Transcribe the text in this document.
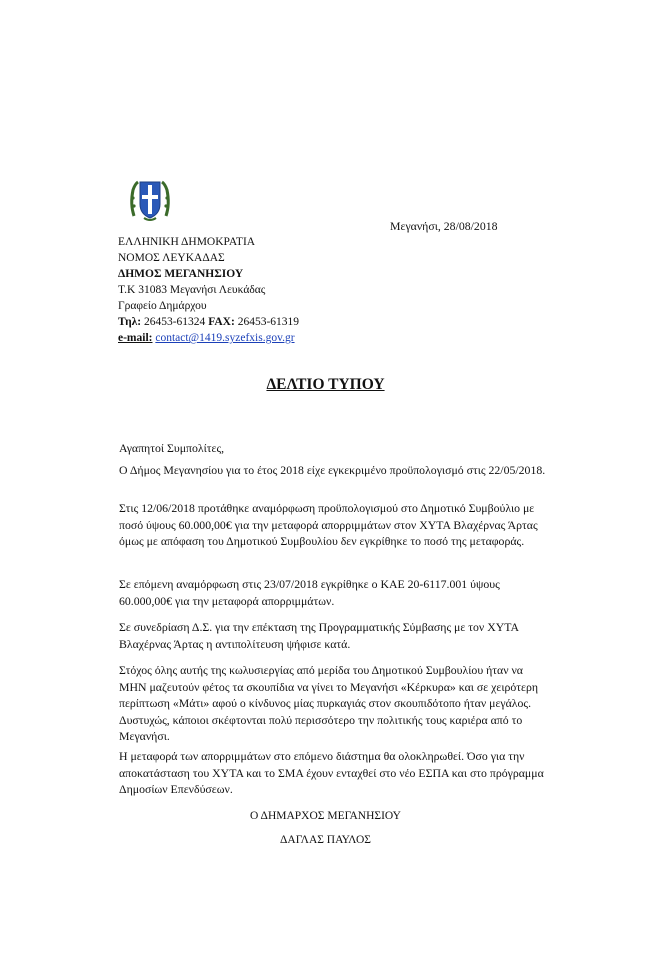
Μεγανήσι, 28/08/2018
ΕΛΛΗΝΙΚΗ ΔΗΜΟΚΡΑΤΙΑ
ΝΟΜΟΣ ΛΕΥΚΑΔΑΣ
ΔΗΜΟΣ ΜΕΓΑΝΗΣΙΟΥ
Τ.Κ 31083 Μεγανήσι Λευκάδας
Γραφείο Δημάρχου
Τηλ: 26453-61324 FAX: 26453-61319
e-mail: contact@1419.syzefxis.gov.gr
ΔΕΛΤΙΟ ΤΥΠΟΥ
Αγαπητοί Συμπολίτες,
Ο Δήμος Μεγανησίου για το έτος 2018 είχε εγκεκριμένο προϋπολογισμό στις 22/05/2018.
Στις 12/06/2018 προτάθηκε αναμόρφωση προϋπολογισμού στο Δημοτικό Συμβούλιο με ποσό ύψους 60.000,00€ για την μεταφορά απορριμμάτων στον ΧΥΤΑ Βλαχέρνας Άρτας όμως με απόφαση του Δημοτικού Συμβουλίου δεν εγκρίθηκε το ποσό της μεταφοράς.
Σε επόμενη αναμόρφωση στις 23/07/2018 εγκρίθηκε ο ΚΑΕ 20-6117.001 ύψους 60.000,00€ για την μεταφορά απορριμμάτων.
Σε συνεδρίαση Δ.Σ. για την επέκταση της Προγραμματικής Σύμβασης με τον ΧΥΤΑ Βλαχέρνας Άρτας η αντιπολίτευση ψήφισε κατά.
Στόχος όλης αυτής της κωλυσιεργίας από μερίδα του Δημοτικού Συμβουλίου ήταν να ΜΗΝ μαζευτούν φέτος τα σκουπίδια να γίνει το Μεγανήσι «Κέρκυρα» και σε χειρότερη περίπτωση «Μάτι» αφού ο κίνδυνος μίας πυρκαγιάς στον σκουπιδότοπο ήταν μεγάλος. Δυστυχώς, κάποιοι σκέφτονται πολύ περισσότερο την πολιτικής τους καριέρα από το Μεγανήσι.
Η μεταφορά των απορριμμάτων στο επόμενο διάστημα θα ολοκληρωθεί. Όσο για την αποκατάσταση του ΧΥΤΑ και το ΣΜΑ έχουν ενταχθεί στο νέο ΕΣΠΑ και στο πρόγραμμα Δημοσίων Επενδύσεων.
Ο ΔΗΜΑΡΧΟΣ ΜΕΓΑΝΗΣΙΟΥ
ΔΑΓΛΑΣ ΠΑΥΛΟΣ
